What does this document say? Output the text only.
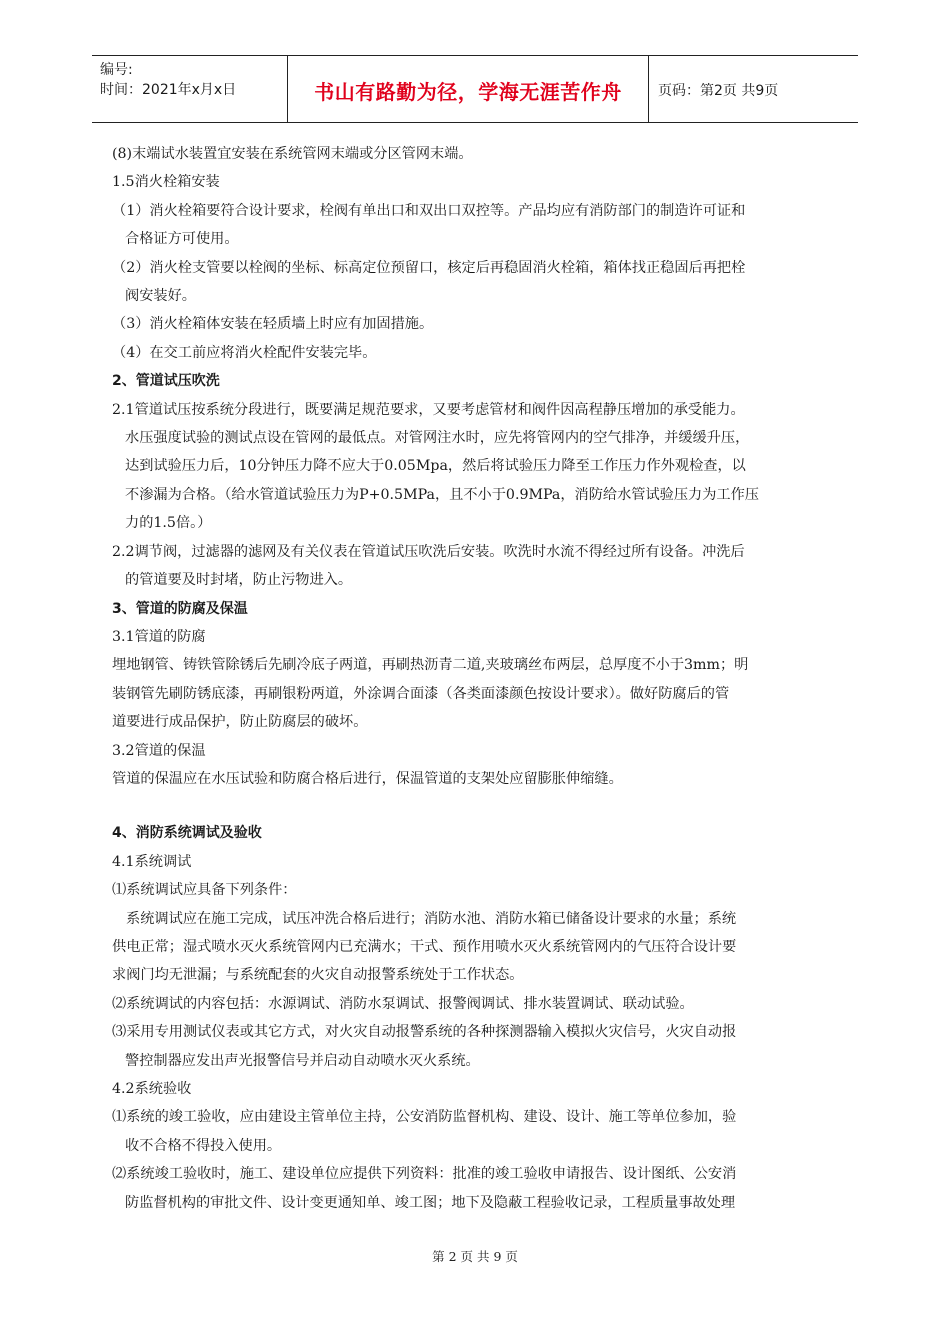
编号:
时间：2021年x月x日	书山有路勤为径，学海无涯苦作舟	页码：第2页 共9页
(8)末端试水装置宜安装在系统管网末端或分区管网末端。
1.5消火栓箱安装
（1）消火栓箱要符合设计要求，栓阀有单出口和双出口双控等。产品均应有消防部门的制造许可证和
合格证方可使用。
（2）消火栓支管要以栓阀的坐标、标高定位预留口，核定后再稳固消火栓箱，箱体找正稳固后再把栓
阀安装好。
（3）消火栓箱体安装在轻质墙上时应有加固措施。
（4）在交工前应将消火栓配件安装完毕。
2、管道试压吹洗
2.1管道试压按系统分段进行，既要满足规范要求，又要考虑管材和阀件因高程静压增加的承受能力。
水压强度试验的测试点设在管网的最低点。对管网注水时，应先将管网内的空气排净，并缓缓升压，
达到试验压力后，10分钟压力降不应大于0.05Mpa，然后将试验压力降至工作压力作外观检查，以
不渗漏为合格。（给水管道试验压力为P+0.5MPa，且不小于0.9MPa，消防给水管试验压力为工作压
力的1.5倍。）
2.2调节阀，过滤器的滤网及有关仪表在管道试压吹洗后安装。吹洗时水流不得经过所有设备。冲洗后
的管道要及时封堵，防止污物进入。
3、管道的防腐及保温
3.1管道的防腐
埋地钢管、铸铁管除锈后先刷冷底子两道，再刷热沥青二道,夹玻璃丝布两层，总厚度不小于3mm；明
装钢管先刷防锈底漆，再刷银粉两道，外涂调合面漆（各类面漆颜色按设计要求）。做好防腐后的管
道要进行成品保护，防止防腐层的破坏。
3.2管道的保温
管道的保温应在水压试验和防腐合格后进行，保温管道的支架处应留膨胀伸缩缝。
4、消防系统调试及验收
4.1系统调试
⑴系统调试应具备下列条件：
系统调试应在施工完成，试压冲洗合格后进行；消防水池、消防水箱已储备设计要求的水量；系统
供电正常；湿式喷水灭火系统管网内已充满水；干式、预作用喷水灭火系统管网内的气压符合设计要
求阀门均无泄漏；与系统配套的火灾自动报警系统处于工作状态。
⑵系统调试的内容包括：水源调试、消防水泵调试、报警阀调试、排水装置调试、联动试验。
⑶采用专用测试仪表或其它方式，对火灾自动报警系统的各种探测器输入模拟火灾信号，火灾自动报
警控制器应发出声光报警信号并启动自动喷水灭火系统。
4.2系统验收
⑴系统的竣工验收，应由建设主管单位主持，公安消防监督机构、建设、设计、施工等单位参加，验
收不合格不得投入使用。
⑵系统竣工验收时，施工、建设单位应提供下列资料：批准的竣工验收申请报告、设计图纸、公安消
防监督机构的审批文件、设计变更通知单、竣工图；地下及隐蔽工程验收记录，工程质量事故处理
第 2 页 共 9 页
